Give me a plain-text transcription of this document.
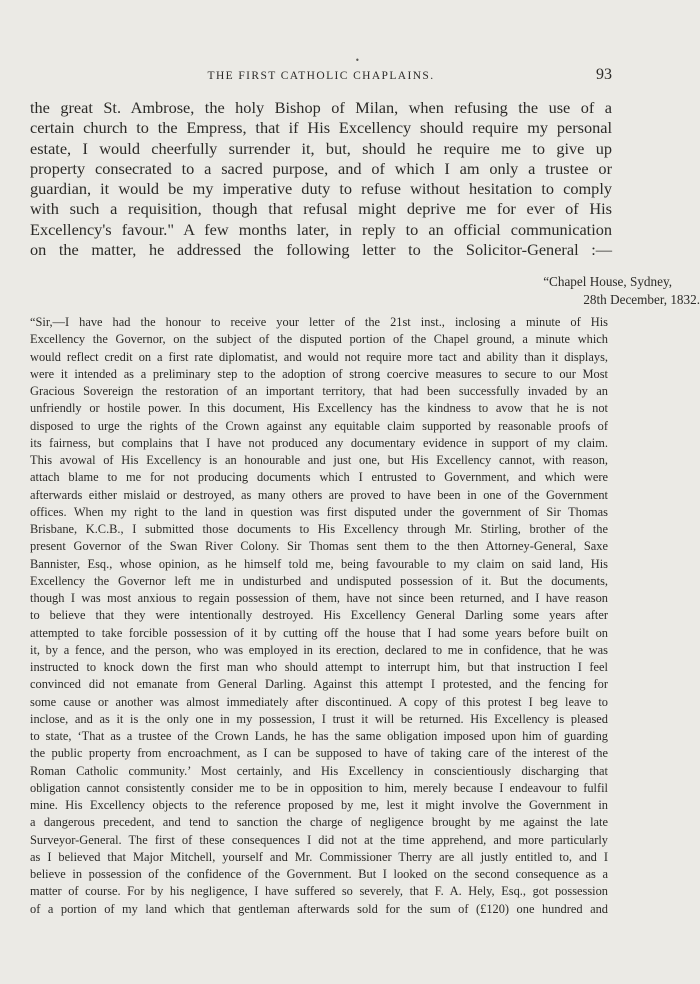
•
THE FIRST CATHOLIC CHAPLAINS.	93
the great St. Ambrose, the holy Bishop of Milan, when refusing the use of a
certain church to the Empress, that if His Excellency should require my personal
estate, I would cheerfully surrender it, but, should he require me to give up
property consecrated to a sacred purpose, and of which I am only a trustee or
guardian, it would be my imperative duty to refuse without hesitation to comply
with such a requisition, though that refusal might deprive me for ever of His
Excellency's favour." A few months later, in reply to an official communication
on the matter, he addressed the following letter to the Solicitor-General :—
“Chapel House, Sydney,
28th December, 1832.
“Sir,—I have had the honour to receive your letter of the 21st inst., inclosing a minute of His
Excellency the Governor, on the subject of the disputed portion of the Chapel ground, a minute which
would reflect credit on a first rate diplomatist, and would not require more tact and ability than it displays,
were it intended as a preliminary step to the adoption of strong coercive measures to secure to our Most
Gracious Sovereign the restoration of an important territory, that had been successfully invaded by an
unfriendly or hostile power. In this document, His Excellency has the kindness to avow that he is not
disposed to urge the rights of the Crown against any equitable claim supported by reasonable proofs of
its fairness, but complains that I have not produced any documentary evidence in support of my claim.
This avowal of His Excellency is an honourable and just one, but His Excellency cannot, with reason,
attach blame to me for not producing documents which I entrusted to Government, and which were
afterwards either mislaid or destroyed, as many others are proved to have been in one of the Government
offices. When my right to the land in question was first disputed under the government of Sir Thomas
Brisbane, K.C.B., I submitted those documents to His Excellency through Mr. Stirling, brother of the
present Governor of the Swan River Colony. Sir Thomas sent them to the then Attorney-General, Saxe
Bannister, Esq., whose opinion, as he himself told me, being favourable to my claim on said land, His
Excellency the Governor left me in undisturbed and undisputed possession of it. But the documents,
though I was most anxious to regain possession of them, have not since been returned, and I have reason
to believe that they were intentionally destroyed. His Excellency General Darling some years after
attempted to take forcible possession of it by cutting off the house that I had some years before built on
it, by a fence, and the person, who was employed in its erection, declared to me in confidence, that he was
instructed to knock down the first man who should attempt to interrupt him, but that instruction I feel
convinced did not emanate from General Darling. Against this attempt I protested, and the fencing for
some cause or another was almost immediately after discontinued. A copy of this protest I beg leave to
inclose, and as it is the only one in my possession, I trust it will be returned. His Excellency is pleased
to state, ‘That as a trustee of the Crown Lands, he has the same obligation imposed upon him of guarding
the public property from encroachment, as I can be supposed to have of taking care of the interest of the
Roman Catholic community.’ Most certainly, and His Excellency in conscientiously discharging that
obligation cannot consistently consider me to be in opposition to him, merely because I endeavour to fulfil
mine. His Excellency objects to the reference proposed by me, lest it might involve the Government in
a dangerous precedent, and tend to sanction the charge of negligence brought by me against the late
Surveyor-General. The first of these consequences I did not at the time apprehend, and more particularly
as I believed that Major Mitchell, yourself and Mr. Commissioner Therry are all justly entitled to, and I
believe in possession of the confidence of the Government. But I looked on the second consequence as a
matter of course. For by his negligence, I have suffered so severely, that F. A. Hely, Esq., got possession
of a portion of my land which that gentleman afterwards sold for the sum of (£120) one hundred and
